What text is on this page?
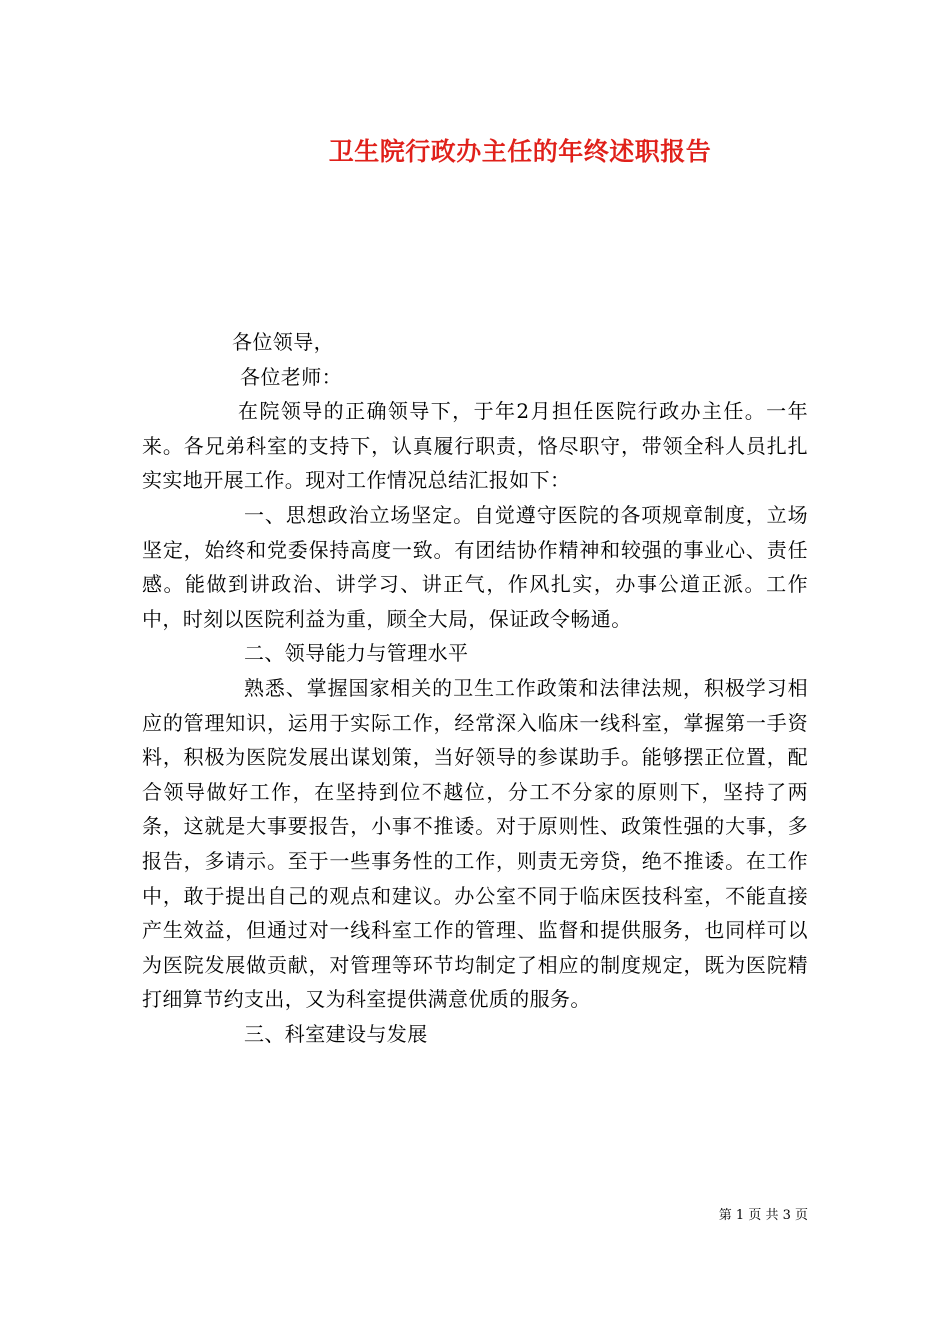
卫生院行政办主任的年终述职报告

各位领导，

各位老师：

在院领导的正确领导下，于年2月担任医院行政办主任。一年来。各兄弟科室的支持下，认真履行职责，恪尽职守，带领全科人员扎扎实实地开展工作。现对工作情况总结汇报如下：

一、思想政治立场坚定。自觉遵守医院的各项规章制度，立场坚定，始终和党委保持高度一致。有团结协作精神和较强的事业心、责任感。能做到讲政治、讲学习、讲正气，作风扎实，办事公道正派。工作中，时刻以医院利益为重，顾全大局，保证政令畅通。

二、领导能力与管理水平

熟悉、掌握国家相关的卫生工作政策和法律法规，积极学习相应的管理知识，运用于实际工作，经常深入临床一线科室，掌握第一手资料，积极为医院发展出谋划策，当好领导的参谋助手。能够摆正位置，配合领导做好工作，在坚持到位不越位，分工不分家的原则下，坚持了两条，这就是大事要报告，小事不推诿。对于原则性、政策性强的大事，多报告，多请示。至于一些事务性的工作，则责无旁贷，绝不推诿。在工作中，敢于提出自己的观点和建议。办公室不同于临床医技科室，不能直接产生效益，但通过对一线科室工作的管理、监督和提供服务，也同样可以为医院发展做贡献，对管理等环节均制定了相应的制度规定，既为医院精打细算节约支出，又为科室提供满意优质的服务。

三、科室建设与发展

第 1 页 共 3 页
